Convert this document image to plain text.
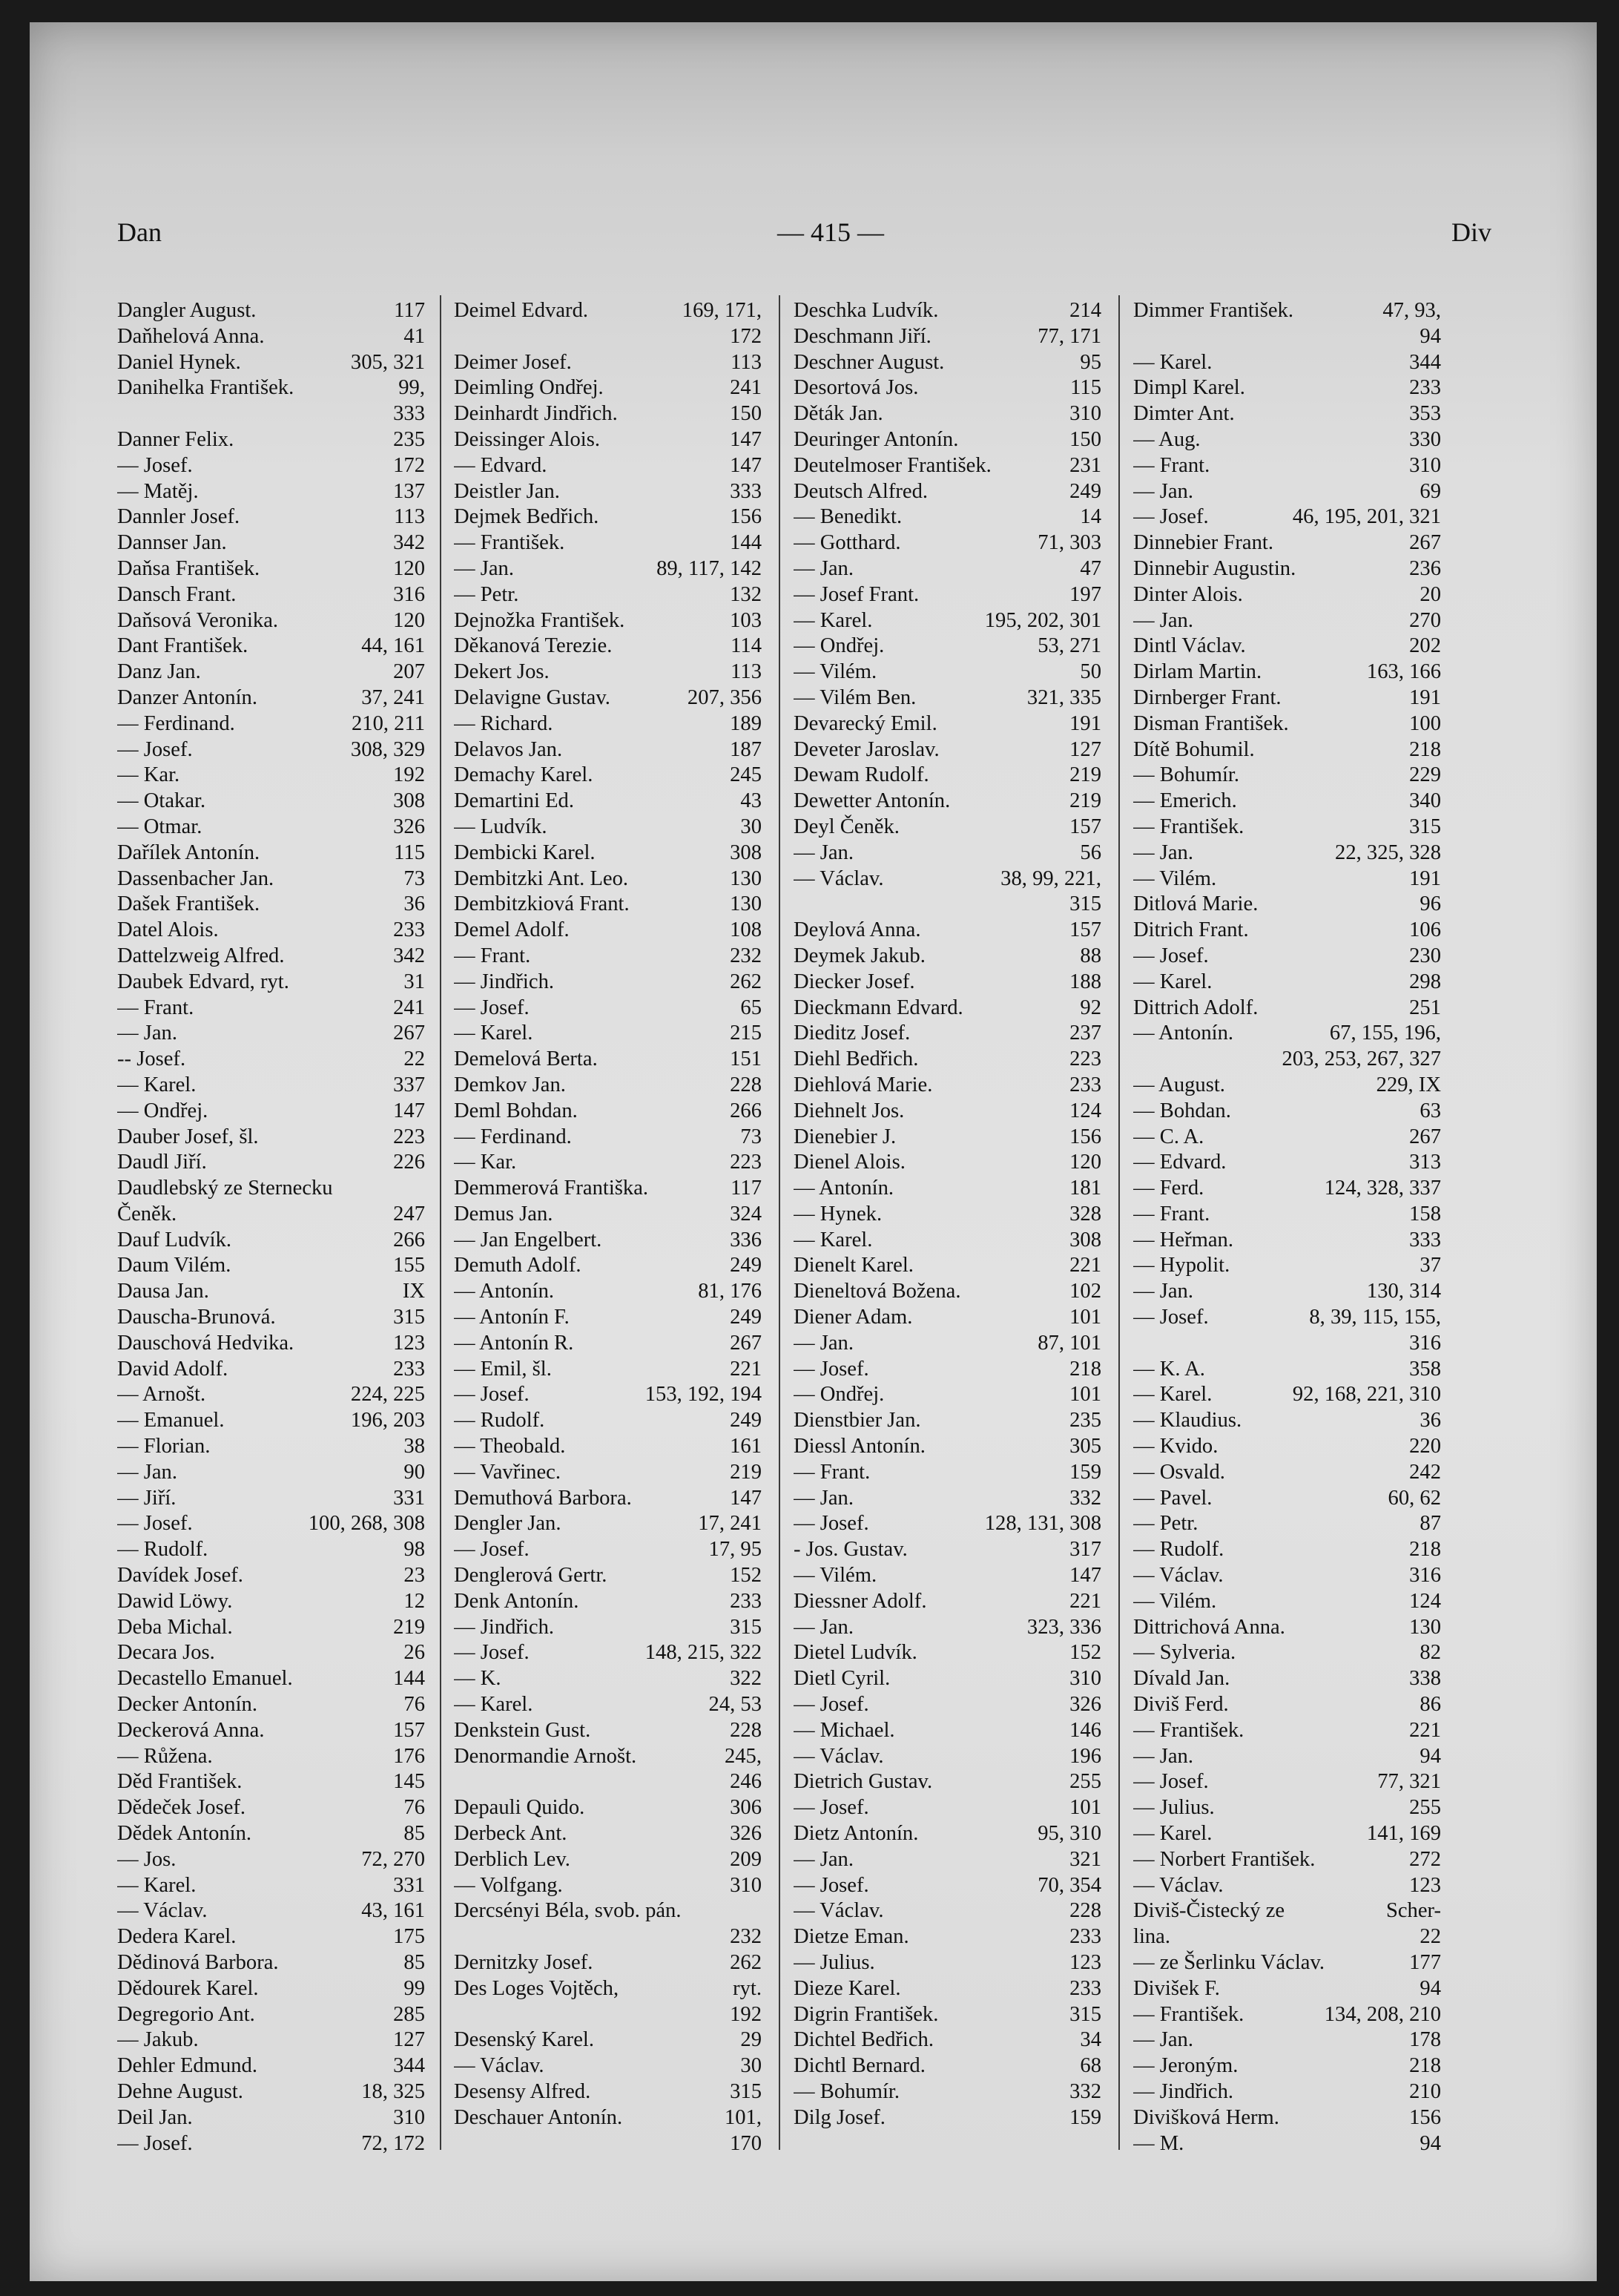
Dan	— 415 —	Div
Dangler August.	117
Daňhelová Anna.	41
Daniel Hynek.	305, 321
Danihelka František.	99,
333
Danner Felix.	235
— Josef.	172
— Matěj.	137
Dannler Josef.	113
Dannser Jan.	342
Daňsa František.	120
Dansch Frant.	316
Daňsová Veronika.	120
Dant František.	44, 161
Danz Jan.	207
Danzer Antonín.	37, 241
— Ferdinand.	210, 211
— Josef.	308, 329
— Kar.	192
— Otakar.	308
— Otmar.	326
Dařílek Antonín.	115
Dassenbacher Jan.	73
Dašek František.	36
Datel Alois.	233
Dattelzweig Alfred.	342
Daubek Edvard, ryt.	31
— Frant.	241
— Jan.	267
-- Josef.	22
— Karel.	337
— Ondřej.	147
Dauber Josef, šl.	223
Daudl Jiří.	226
Daudlebský ze Sternecku
Čeněk.	247
Dauf Ludvík.	266
Daum Vilém.	155
Dausa Jan.	IX
Dauscha-Brunová.	315
Dauschová Hedvika.	123
David Adolf.	233
— Arnošt.	224, 225
— Emanuel.	196, 203
— Florian.	38
— Jan.	90
— Jiří.	331
— Josef.	100, 268, 308
— Rudolf.	98
Davídek Josef.	23
Dawid Löwy.	12
Deba Michal.	219
Decara Jos.	26
Decastello Emanuel.	144
Decker Antonín.	76
Deckerová Anna.	157
— Růžena.	176
Děd František.	145
Dědeček Josef.	76
Dědek Antonín.	85
— Jos.	72, 270
— Karel.	331
— Václav.	43, 161
Dedera Karel.	175
Dědinová Barbora.	85
Dědourek Karel.	99
Degregorio Ant.	285
— Jakub.	127
Dehler Edmund.	344
Dehne August.	18, 325
Deil Jan.	310
— Josef.	72, 172
Deimel Edvard.	169, 171,
172
Deimer Josef.	113
Deimling Ondřej.	241
Deinhardt Jindřich.	150
Deissinger Alois.	147
— Edvard.	147
Deistler Jan.	333
Dejmek Bedřich.	156
— František.	144
— Jan.	89, 117, 142
— Petr.	132
Dejnožka František.	103
Děkanová Terezie.	114
Dekert Jos.	113
Delavigne Gustav.	207, 356
— Richard.	189
Delavos Jan.	187
Demachy Karel.	245
Demartini Ed.	43
— Ludvík.	30
Dembicki Karel.	308
Dembitzki Ant. Leo.	130
Dembitzkiová Frant.	130
Demel Adolf.	108
— Frant.	232
— Jindřich.	262
— Josef.	65
— Karel.	215
Demelová Berta.	151
Demkov Jan.	228
Deml Bohdan.	266
— Ferdinand.	73
— Kar.	223
Demmerová Františka.	117
Demus Jan.	324
— Jan Engelbert.	336
Demuth Adolf.	249
— Antonín.	81, 176
— Antonín F.	249
— Antonín R.	267
— Emil, šl.	221
— Josef.	153, 192, 194
— Rudolf.	249
— Theobald.	161
— Vavřinec.	219
Demuthová Barbora.	147
Dengler Jan.	17, 241
— Josef.	17, 95
Denglerová Gertr.	152
Denk Antonín.	233
— Jindřich.	315
— Josef.	148, 215, 322
— K.	322
— Karel.	24, 53
Denkstein Gust.	228
Denormandie Arnošt.	245,
246
Depauli Quido.	306
Derbeck Ant.	326
Derblich Lev.	209
— Volfgang.	310
Dercsényi Béla, svob. pán.
232
Dernitzky Josef.	262
Des Loges Vojtěch,	ryt.
192
Desenský Karel.	29
— Václav.	30
Desensy Alfred.	315
Deschauer Antonín.	101,
170
Deschka Ludvík.	214
Deschmann Jiří.	77, 171
Deschner August.	95
Desortová Jos.	115
Děták Jan.	310
Deuringer Antonín.	150
Deutelmoser František.	231
Deutsch Alfred.	249
— Benedikt.	14
— Gotthard.	71, 303
— Jan.	47
— Josef Frant.	197
— Karel.	195, 202, 301
— Ondřej.	53, 271
— Vilém.	50
— Vilém Ben.	321, 335
Devarecký Emil.	191
Deveter Jaroslav.	127
Dewam Rudolf.	219
Dewetter Antonín.	219
Deyl Čeněk.	157
— Jan.	56
— Václav.	38, 99, 221,
315
Deylová Anna.	157
Deymek Jakub.	88
Diecker Josef.	188
Dieckmann Edvard.	92
Dieditz Josef.	237
Diehl Bedřich.	223
Diehlová Marie.	233
Diehnelt Jos.	124
Dienebier J.	156
Dienel Alois.	120
— Antonín.	181
— Hynek.	328
— Karel.	308
Dienelt Karel.	221
Dieneltová Božena.	102
Diener Adam.	101
— Jan.	87, 101
— Josef.	218
— Ondřej.	101
Dienstbier Jan.	235
Diessl Antonín.	305
— Frant.	159
— Jan.	332
— Josef.	128, 131, 308
- Jos. Gustav.	317
— Vilém.	147
Diessner Adolf.	221
— Jan.	323, 336
Dietel Ludvík.	152
Dietl Cyril.	310
— Josef.	326
— Michael.	146
— Václav.	196
Dietrich Gustav.	255
— Josef.	101
Dietz Antonín.	95, 310
— Jan.	321
— Josef.	70, 354
— Václav.	228
Dietze Eman.	233
— Julius.	123
Dieze Karel.	233
Digrin František.	315
Dichtel Bedřich.	34
Dichtl Bernard.	68
— Bohumír.	332
Dilg Josef.	159
Dimmer František.	47, 93,
94
— Karel.	344
Dimpl Karel.	233
Dimter Ant.	353
— Aug.	330
— Frant.	310
— Jan.	69
— Josef.	46, 195, 201, 321
Dinnebier Frant.	267
Dinnebir Augustin.	236
Dinter Alois.	20
— Jan.	270
Dintl Václav.	202
Dirlam Martin.	163, 166
Dirnberger Frant.	191
Disman František.	100
Dítě Bohumil.	218
— Bohumír.	229
— Emerich.	340
— František.	315
— Jan.	22, 325, 328
— Vilém.	191
Ditlová Marie.	96
Ditrich Frant.	106
— Josef.	230
— Karel.	298
Dittrich Adolf.	251
— Antonín.	67, 155, 196,
203, 253, 267, 327
— August.	229, IX
— Bohdan.	63
— C. A.	267
— Edvard.	313
— Ferd.	124, 328, 337
— Frant.	158
— Heřman.	333
— Hypolit.	37
— Jan.	130, 314
— Josef.	8, 39, 115, 155,
316
— K. A.	358
— Karel.	92, 168, 221, 310
— Klaudius.	36
— Kvido.	220
— Osvald.	242
— Pavel.	60, 62
— Petr.	87
— Rudolf.	218
— Václav.	316
— Vilém.	124
Dittrichová Anna.	130
— Sylveria.	82
Dívald Jan.	338
Diviš Ferd.	86
— František.	221
— Jan.	94
— Josef.	77, 321
— Julius.	255
— Karel.	141, 169
— Norbert František.	272
— Václav.	123
Diviš-Čistecký ze	Scher-
lina.	22
— ze Šerlinku Václav.	177
Divišek F.	94
— František.	134, 208, 210
— Jan.	178
— Jeroným.	218
— Jindřich.	210
Divišková Herm.	156
— M.	94
